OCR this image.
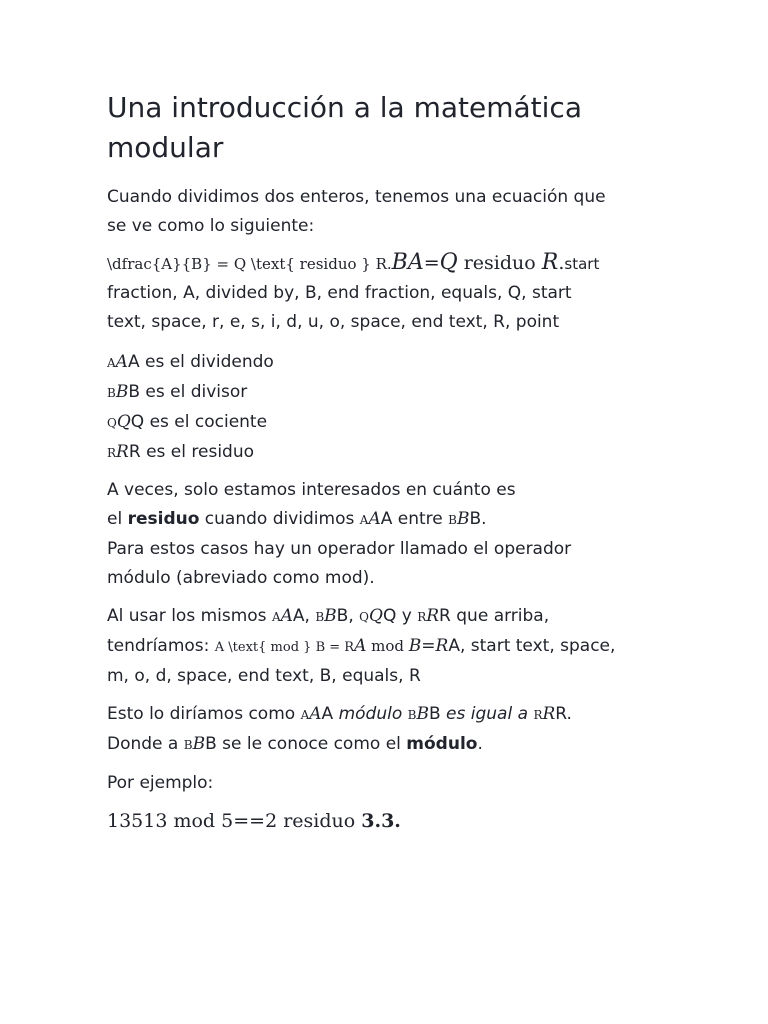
Una introducción a la matemática
modular

Cuando dividimos dos enteros, tenemos una ecuación que
se ve como lo siguiente:

\dfrac{A}{B} = Q \text{ residuo } R.BA=Q residuo R.start
fraction, A, divided by, B, end fraction, equals, Q, start
text, space, r, e, s, i, d, u, o, space, end text, R, point

AAA es el dividendo
BBB es el divisor
QQQ es el cociente
RRR es el residuo

A veces, solo estamos interesados en cuánto es
el residuo cuando dividimos AAA entre BBB.
Para estos casos hay un operador llamado el operador
módulo (abreviado como mod).

Al usar los mismos AAA, BBB, QQQ y RRR que arriba,
tendríamos: A \text{ mod } B = RA mod B=RA, start text, space,
m, o, d, space, end text, B, equals, R

Esto lo diríamos como AAA módulo BBB es igual a RRR.
Donde a BBB se le conoce como el módulo.

Por ejemplo:

13513 mod 5==2 residuo 3.3.
